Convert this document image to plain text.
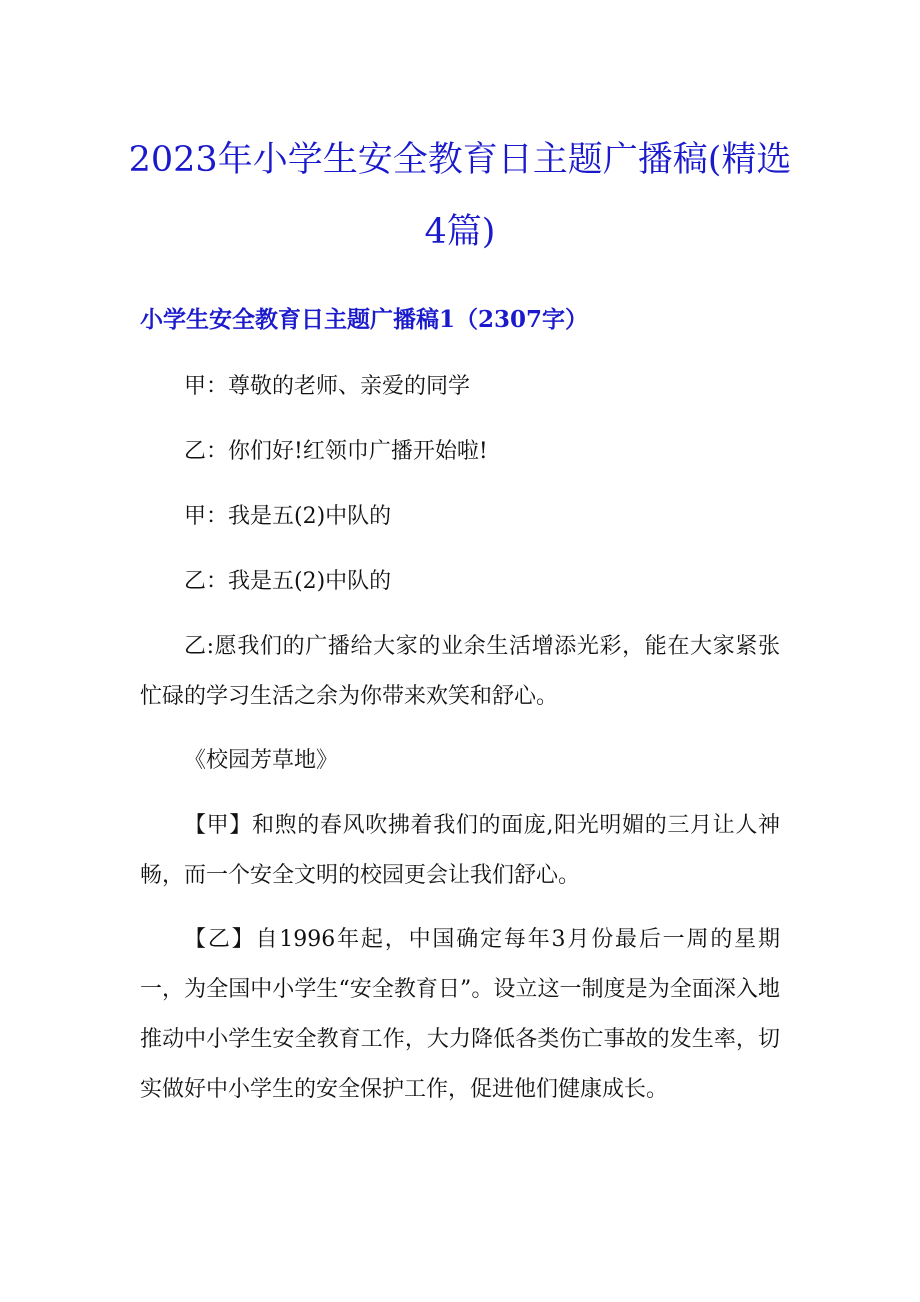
2023年小学生安全教育日主题广播稿(精选4篇)
小学生安全教育日主题广播稿1（2307字）

甲：尊敬的老师、亲爱的同学

乙：你们好!红领巾广播开始啦!

甲：我是五(2)中队的

乙：我是五(2)中队的

乙:愿我们的广播给大家的业余生活增添光彩，能在大家紧张忙碌的学习生活之余为你带来欢笑和舒心。

《校园芳草地》

【甲】和煦的春风吹拂着我们的面庞,阳光明媚的三月让人神畅，而一个安全文明的校园更会让我们舒心。

【乙】自1996年起，中国确定每年3月份最后一周的星期一，为全国中小学生“安全教育日”。设立这一制度是为全面深入地推动中小学生安全教育工作，大力降低各类伤亡事故的发生率，切实做好中小学生的安全保护工作，促进他们健康成长。
